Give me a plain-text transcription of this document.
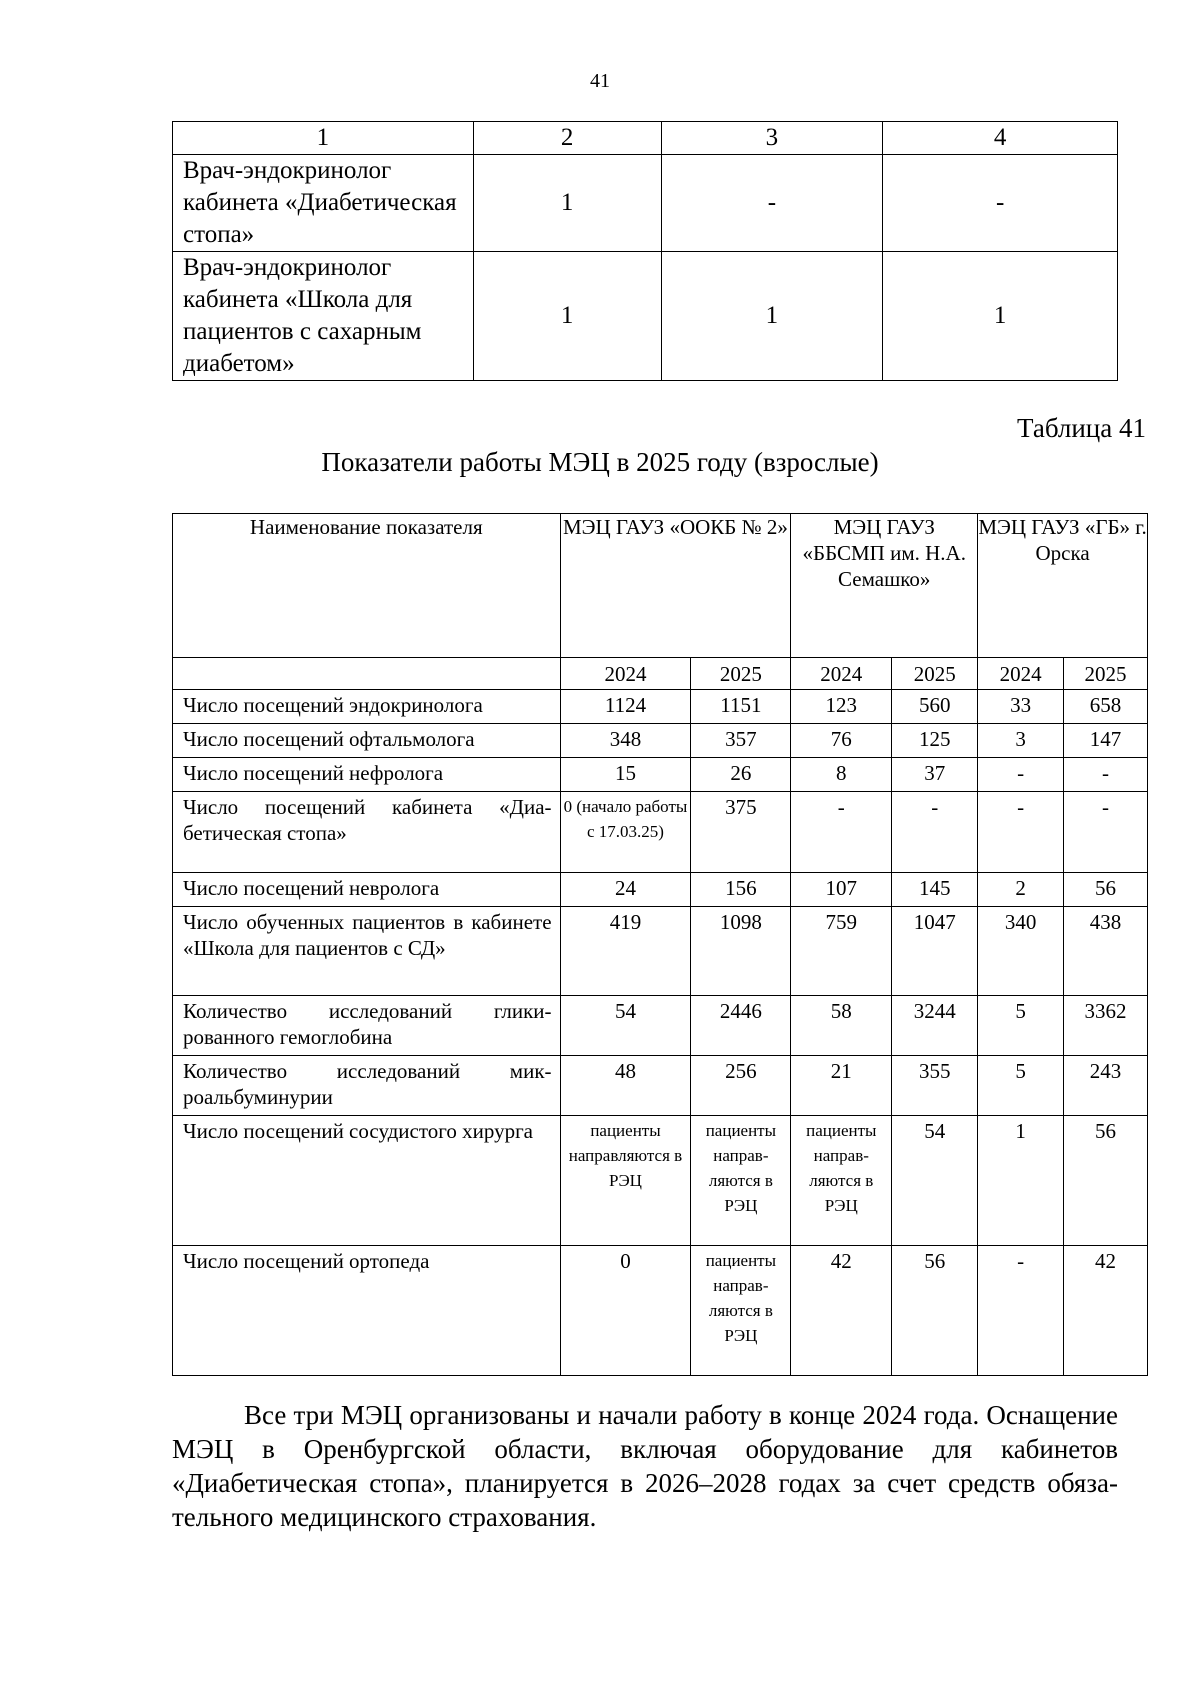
41
1	2	3	4
Врач-эндокринолог кабинета «Диабетическая стопа»	1	-	-
Врач-эндокринолог кабинета «Школа для пациентов с сахарным диабетом»	1	1	1
Таблица 41
Показатели работы МЭЦ в 2025 году (взрослые)
Наименование показателя	МЭЦ ГАУЗ «ООКБ № 2»		МЭЦ ГАУЗ «ББСМП им. Н.А. Семашко»		МЭЦ ГАУЗ «ГБ» г. Орска	
	2024	2025	2024	2025	2024	2025
Число посещений эндокринолога	1124	1151	123	560	33	658
Число посещений офтальмолога	348	357	76	125	3	147
Число посещений нефролога	15	26	8	37	-	-
Число посещений кабинета «Диабетическая стопа»	0 (начало работы с 17.03.25)	375	-	-	-	-
Число посещений невролога	24	156	107	145	2	56
Число обученных пациентов в кабинете «Школа для пациентов с СД»	419	1098	759	1047	340	438
Количество исследований гликированного гемоглобина	54	2446	58	3244	5	3362
Количество исследований микроальбуминурии	48	256	21	355	5	243
Число посещений сосудистого хирурга	пациенты направляются в РЭЦ	пациенты направляются в РЭЦ	пациенты направляются в РЭЦ	54	1	56
Число посещений ортопеда	0	пациенты направляются в РЭЦ	42	56	-	42

Все три МЭЦ организованы и начали работу в конце 2024 года. Оснащение МЭЦ в Оренбургской области, включая оборудование для кабинетов «Диабетическая стопа», планируется в 2026–2028 годах за счет средств обязательного медицинского страхования.
